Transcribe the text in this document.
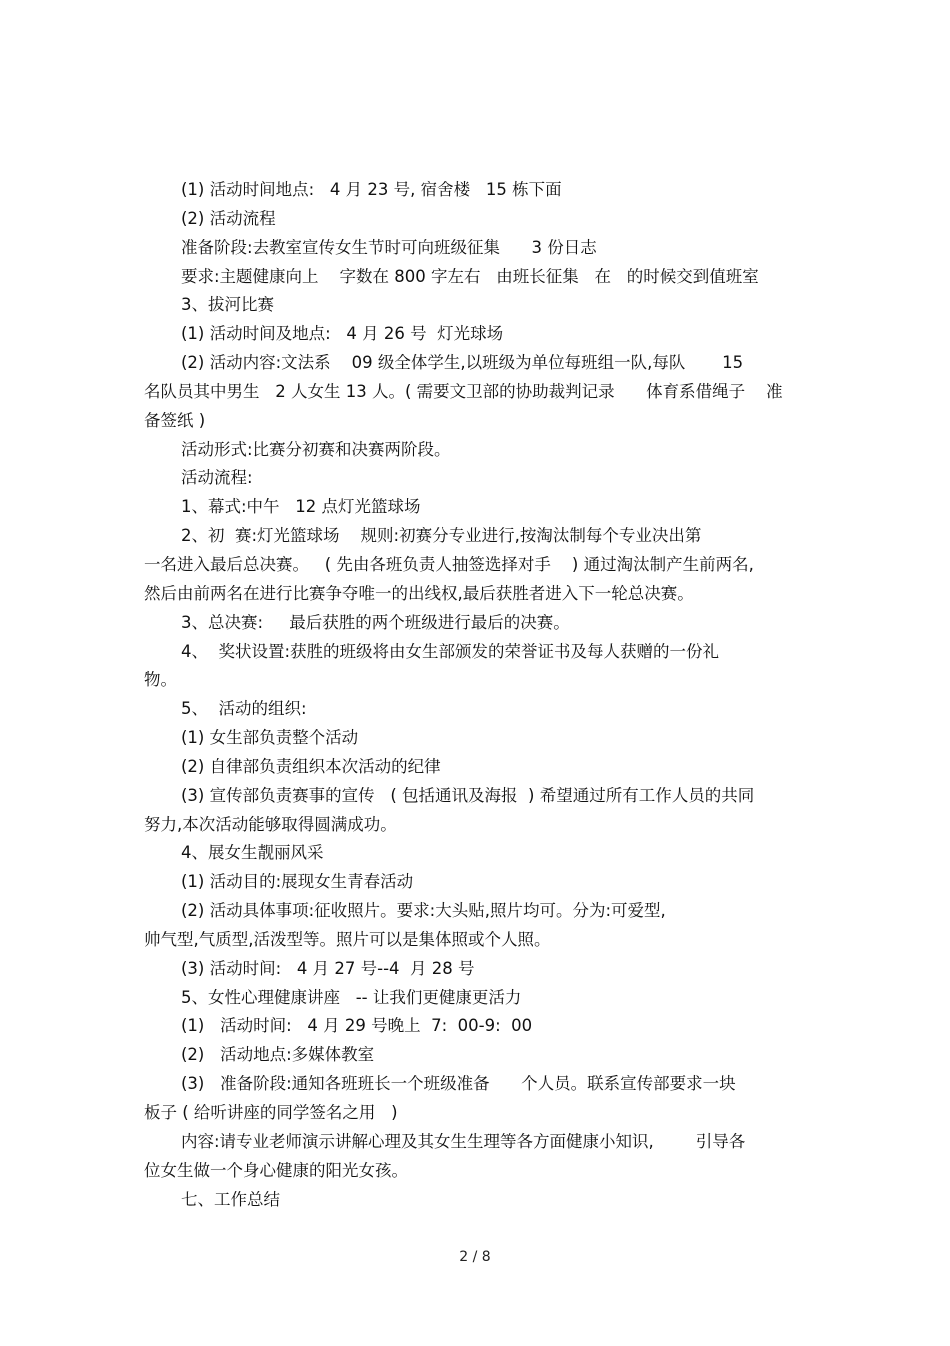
(1) 活动时间地点:   4 月 23 号, 宿舍楼   15 栋下面
(2) 活动流程
准备阶段:去教室宣传女生节时可向班级征集      3 份日志
要求:主题健康向上    字数在 800 字左右   由班长征集   在   的时候交到值班室
3、拔河比赛
(1) 活动时间及地点:   4 月 26 号  灯光球场
(2) 活动内容:文法系    09 级全体学生,以班级为单位每班组一队,每队       15
名队员其中男生   2 人女生 13 人。( 需要文卫部的协助裁判记录      体育系借绳子    准
备签纸 )
活动形式:比赛分初赛和决赛两阶段。
活动流程:
1、幕式:中午   12 点灯光篮球场
2、初  赛:灯光篮球场    规则:初赛分专业进行,按淘汰制每个专业决出第
一名进入最后总决赛。   ( 先由各班负责人抽签选择对手    ) 通过淘汰制产生前两名,
然后由前两名在进行比赛争夺唯一的出线权,最后获胜者进入下一轮总决赛。
3、总决赛:     最后获胜的两个班级进行最后的决赛。
4、  奖状设置:获胜的班级将由女生部颁发的荣誉证书及每人获赠的一份礼
物。
5、  活动的组织:
(1) 女生部负责整个活动
(2) 自律部负责组织本次活动的纪律
(3) 宣传部负责赛事的宣传   ( 包括通讯及海报  ) 希望通过所有工作人员的共同
努力,本次活动能够取得圆满成功。
4、展女生靓丽风采
(1) 活动目的:展现女生青春活动
(2) 活动具体事项:征收照片。要求:大头贴,照片均可。分为:可爱型,
帅气型,气质型,活泼型等。照片可以是集体照或个人照。
(3) 活动时间:   4 月 27 号--4  月 28 号
5、女性心理健康讲座   -- 让我们更健康更活力
(1)   活动时间:   4 月 29 号晚上  7:  00-9:  00
(2)   活动地点:多媒体教室
(3)   准备阶段:通知各班班长一个班级准备      个人员。联系宣传部要求一块
板子 ( 给听讲座的同学签名之用   )
内容:请专业老师演示讲解心理及其女生生理等各方面健康小知识,        引导各
位女生做一个身心健康的阳光女孩。
七、工作总结
2 / 8
